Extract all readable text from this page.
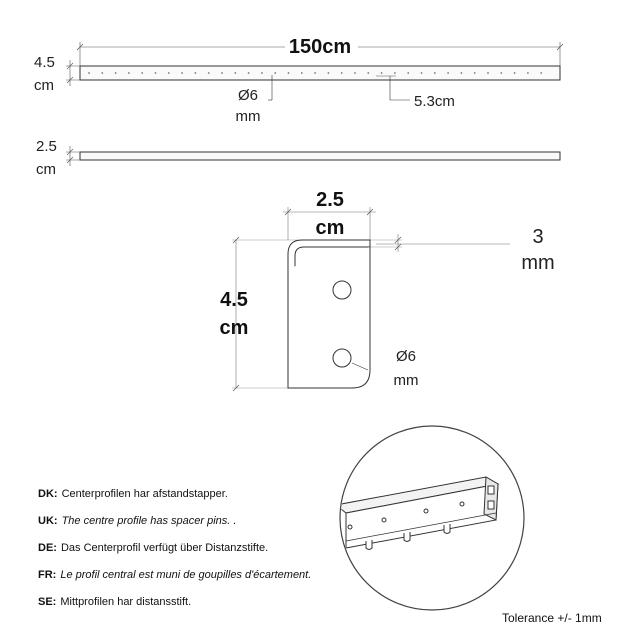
150cm
4.5
cm
Ø6
mm
5.3cm
2.5
cm
2.5
cm	3
mm
4.5
cm
Ø6
mm
DK: Centerprofilen har afstandstapper.
UK: The centre profile has spacer pins. .
DE: Das Centerprofil verfügt über Distanzstifte.
FR: Le profil central est muni de goupilles d'écartement.
SE: Mittprofilen har distansstift.
Tolerance +/- 1mm
